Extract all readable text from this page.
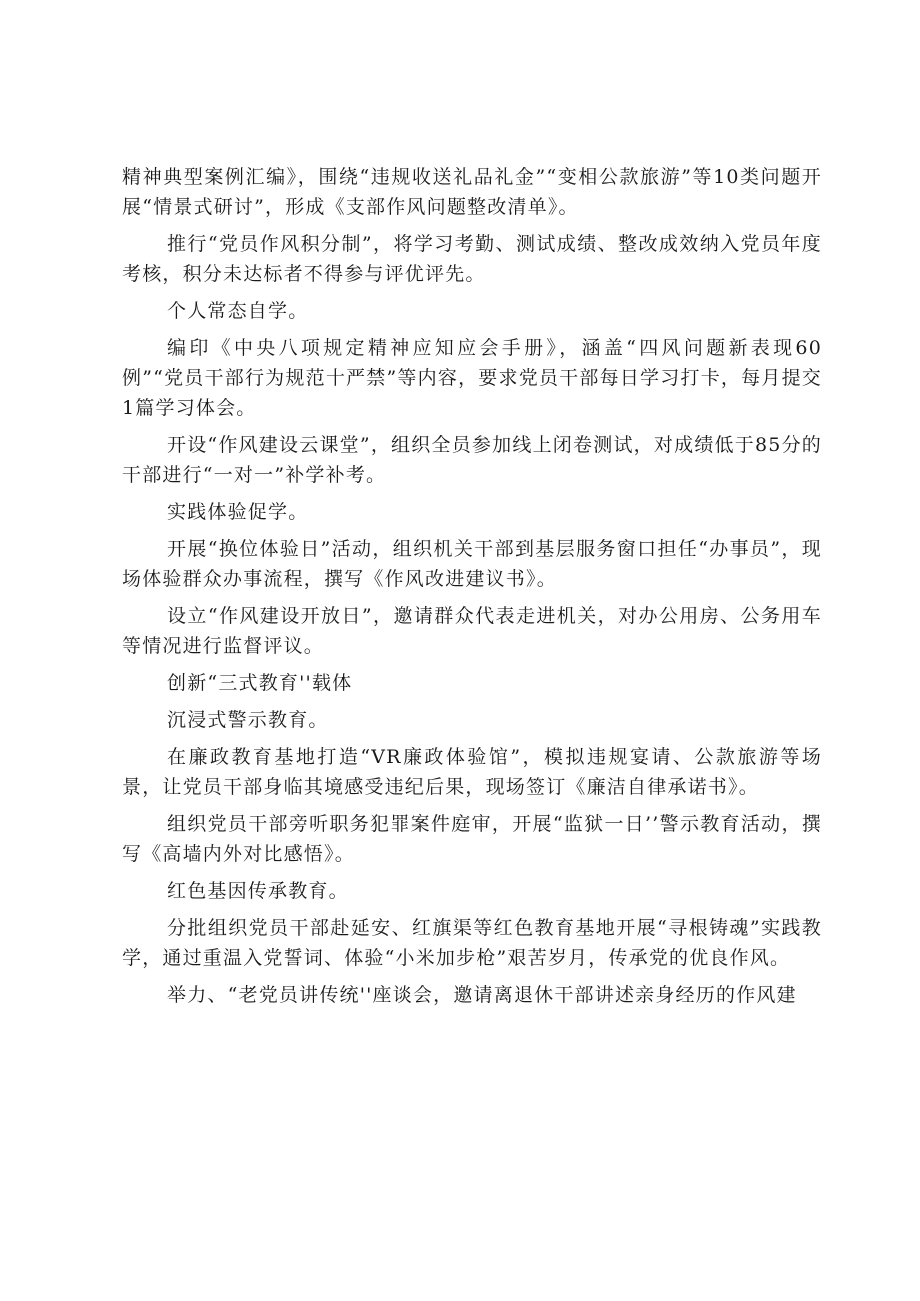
精神典型案例汇编》，围绕“违规收送礼品礼金”“变相公款旅游”等10类问题开展“情景式研讨”，形成《支部作风问题整改清单》。

推行“党员作风积分制”，将学习考勤、测试成绩、整改成效纳入党员年度考核，积分未达标者不得参与评优评先。

个人常态自学。

编印《中央八项规定精神应知应会手册》，涵盖“四风问题新表现60例”“党员干部行为规范十严禁”等内容，要求党员干部每日学习打卡，每月提交1篇学习体会。

开设“作风建设云课堂”，组织全员参加线上闭卷测试，对成绩低于85分的干部进行“一对一”补学补考。

实践体验促学。

开展“换位体验日”活动，组织机关干部到基层服务窗口担任“办事员”，现场体验群众办事流程，撰写《作风改进建议书》。

设立“作风建设开放日”，邀请群众代表走进机关，对办公用房、公务用车等情况进行监督评议。

创新“三式教育''载体

沉浸式警示教育。

在廉政教育基地打造“VR廉政体验馆”，模拟违规宴请、公款旅游等场景，让党员干部身临其境感受违纪后果，现场签订《廉洁自律承诺书》。

组织党员干部旁听职务犯罪案件庭审，开展“监狱一日’’警示教育活动，撰写《高墙内外对比感悟》。

红色基因传承教育。

分批组织党员干部赴延安、红旗渠等红色教育基地开展“寻根铸魂”实践教学，通过重温入党誓词、体验“小米加步枪”艰苦岁月，传承党的优良作风。

举力、“老党员讲传统''座谈会，邀请离退休干部讲述亲身经历的作风建
